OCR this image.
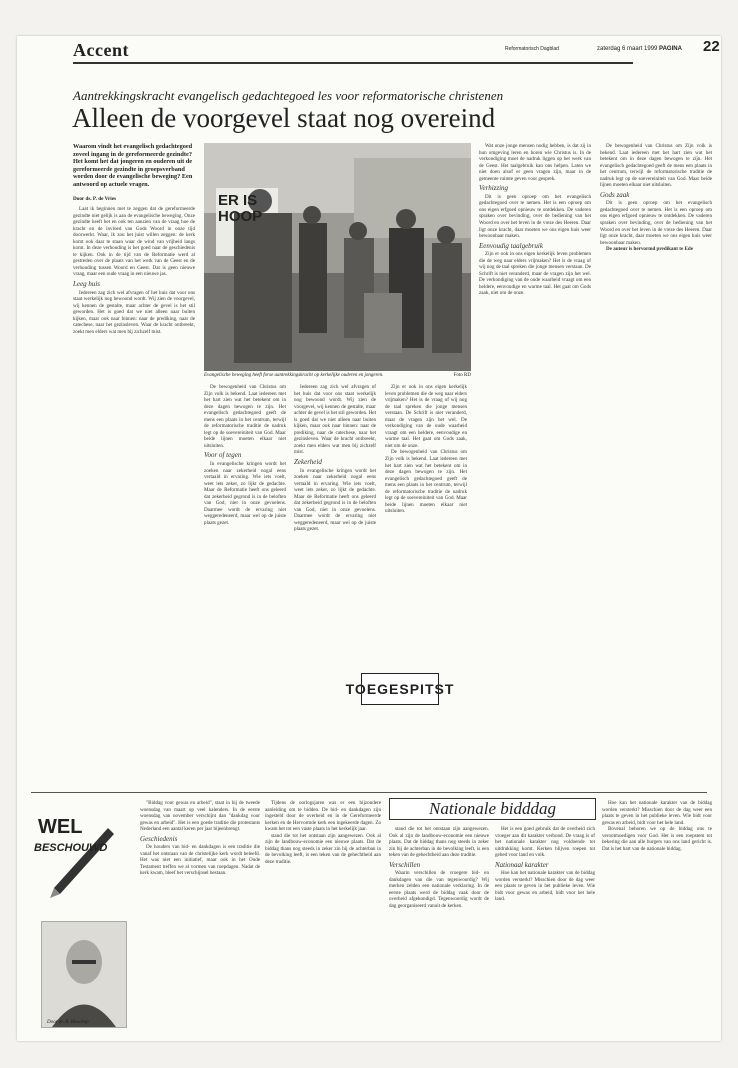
Accent	Reformatorisch Dagblad	zaterdag 6 maart 1999 PAGINA 22
Aantrekkingskracht evangelisch gedachtegoed les voor reformatorische christenen
Alleen de voorgevel staat nog overeind
Waarom vindt het evangelisch gedachtegoed zoveel ingang in de gereformeerde gezindte? Het komt het dat jongeren en ouderen uit de gereformeerde gezindte in groepsverband worden door de evangelische beweging? Een antwoord op actuele vragen.
Door ds. P. de Vries

Laat ik beginnen met te zeggen dat de gereformeerde gezindte niet gelijk is aan de evangelische beweging. Onze gezindte heeft het en ook ten aanzien van de vraag hoe de kracht en de invloed van Gods Woord in onze tijd doorwerkt. Waar, ik zou het juist willen zeggen: de kerk komt ook daar te staan waar de wind van vrijheid langs komt. In deze verhouding is het goed naar de geschiedenis te kijken. Ook in de tijd van de Reformatie werd al gestreden over de plaats van het werk van de Geest en de verhouding tussen Woord en Geest. Dat is geen nieuwe vraag, maar een oude vraag in een nieuwe jas.

Leeg huis

Iedereen zag zich wel afvragen of het huis dat voor ons staat werkelijk nog bewoond wordt. Wij zien de voorgevel, wij kennen de gestalte, maar achter de gevel is het stil geworden. Het is goed dat we niet alleen naar buiten kijken, maar ook naar binnen: naar de prediking, naar de catechese, naar het gezinsleven. Waar de kracht ontbreekt, zoekt men elders wat men bij zichzelf mist.

ER IS HOOP
Evangelische beweging heeft forse aantrekkingskracht op kerkelijke ouderen en jongeren.	Foto RD

De bewogenheid van Christus om Zijn volk is bekend. Laat iedereen met het hart zien wat het betekent om in deze dagen bewogen te zijn. Het evangelisch gedachtegoed geeft de mens een plaats in het centrum, terwijl de reformatorische traditie de nadruk legt op de soevereiniteit van God. Maar beide lijnen moeten elkaar niet uitsluiten.

Voor of tegen

In evangelische kringen wordt het zoeken naar zekerheid nogal eens vertaald in ervaring. Wie iets voelt, weet iets zeker, zo lijkt de gedachte. Maar de Reformatie heeft ons geleerd dat zekerheid gegrond is in de beloften van God, niet in onze gevoelens. Daarmee wordt de ervaring niet weggeredeneerd, maar wel op de juiste plaats gezet.

Iedereen zag zich wel afvragen of het huis dat voor ons staat werkelijk nog bewoond wordt. Wij zien de voorgevel, wij kennen de gestalte, maar achter de gevel is het stil geworden. Het is goed dat we niet alleen naar buiten kijken, maar ook naar binnen: naar de prediking, naar de catechese, naar het gezinsleven. Waar de kracht ontbreekt, zoekt men elders wat men bij zichzelf mist.

Zekerheid

In evangelische kringen wordt het zoeken naar zekerheid nogal eens vertaald in ervaring. Wie iets voelt, weet iets zeker, zo lijkt de gedachte. Maar de Reformatie heeft ons geleerd dat zekerheid gegrond is in de beloften van God, niet in onze gevoelens. Daarmee wordt de ervaring niet weggeredeneerd, maar wel op de juiste plaats gezet.

Zijn er ook in ons eigen kerkelijk leven problemen die de weg naar elders vrijmaken? Het is de vraag of wij nog de taal spreken die jonge mensen verstaan. De Schrift is niet veranderd, maar de vragen zijn het wel. De verkondiging van de oude waarheid vraagt om een heldere, eenvoudige en warme taal. Het gaat om Gods zaak, niet om de onze.

De bewogenheid van Christus om Zijn volk is bekend. Laat iedereen met het hart zien wat het betekent om in deze dagen bewogen te zijn. Het evangelisch gedachtegoed geeft de mens een plaats in het centrum, terwijl de reformatorische traditie de nadruk legt op de soevereiniteit van God. Maar beide lijnen moeten elkaar niet uitsluiten.

TOEGESPITST

Wat onze jonge mensen nodig hebben, is dat zij in hun omgeving leren en horen wie Christus is. In de verkondiging moet de nadruk liggen op het werk van de Geest. Het taalgebruik kan ons helpen. Laten we niet doen alsof er geen vragen zijn, maar in de gemeente ruimte geven voor gesprek.

Verhizzing

Dit is geen oproep om het evangelisch gedachtegoed over te nemen. Het is een oproep om ons eigen erfgoed opnieuw te ontdekken. De vaderen spraken over bevinding, over de bediening van het Woord en over het leven in de vreze des Heeren. Daar ligt onze kracht, daar moeten we ons eigen huis weer bewoonbaar maken.

Eenvoudig taalgebruik

Zijn er ook in ons eigen kerkelijk leven problemen die de weg naar elders vrijmaken? Het is de vraag of wij nog de taal spreken die jonge mensen verstaan. De Schrift is niet veranderd, maar de vragen zijn het wel. De verkondiging van de oude waarheid vraagt om een heldere, eenvoudige en warme taal. Het gaat om Gods zaak, niet om de onze.

De bewogenheid van Christus om Zijn volk is bekend. Laat iedereen met het hart zien wat het betekent om in deze dagen bewogen te zijn. Het evangelisch gedachtegoed geeft de mens een plaats in het centrum, terwijl de reformatorische traditie de nadruk legt op de soevereiniteit van God. Maar beide lijnen moeten elkaar niet uitsluiten.

Gods zaak

Dit is geen oproep om het evangelisch gedachtegoed over te nemen. Het is een oproep om ons eigen erfgoed opnieuw te ontdekken. De vaderen spraken over bevinding, over de bediening van het Woord en over het leven in de vreze des Heeren. Daar ligt onze kracht, daar moeten we ons eigen huis weer bewoonbaar maken.

De auteur is hervormd predikant te Ede

WEL
BESCHOUWD
Door dr. R. Bisschop
Nationale bidddag

"Biddag voor gewas en arbeid", staat in bij de tweede woensdag van maart op veel kalenders. In de eerste woensdag van november verschijnt dan "dankdag voor gewas en arbeid". Het is een goede traditie die protestants Nederland een aantal keren per jaar bijeenbrengt.

Geschiedenis

De houders van bid- en dankdagen is een traditie die vanaf het ontstaan van de christelijke kerk wordt beleefd. Het was niet een initiatief, maar ook in het Oude Testament treffen we al vormen van roepdagen. Nadat de kerk kwam, bleef het verschijnsel bestaan.

Tijdens de oorlogsjaren was er een bijzondere aanleiding om te bidden. De bid- en dankdagen zijn ingesteld door de overheid en in de Gereformeerde kerken en de Hervormde kerk een ingekeerde dagen. Zo kwam het tot een vaste plaats in het kerkelijk jaar.

stand die tot het ontstaan zijn aangewezen. Ook al zijn de landbouw-economie een nieuwe plaats. Dat de biddag thans nog steeds in zeker zin bij de achterban in de bevolking leeft, is een teken van de gehechtheid aan deze traditie.

stand die tot het ontstaan zijn aangewezen. Ook al zijn de landbouw-economie een nieuwe plaats. Dat de biddag thans nog steeds in zeker zin bij de achterban in de bevolking leeft, is een teken van de gehechtheid aan deze traditie.

Verschillen

Waarin verschillen de vroegere bid- en dankdagen van die van tegenwoordig? Wij merken zelden een nationale verklaring. In de eerste plaats werd de biddag vaak door de overheid afgekondigd. Tegenwoordig wordt de dag georganiseerd vanuit de kerken.

Het is een goed gebruik dat de overheid zich vroeger aan dit karakter verbond. De vraag is of het nationale karakter nog voldoende tot uitdrukking komt. Kerken blijven roepen tot gebed voor land en volk.

Nationaal karakter

Hoe kan het nationale karakter van de biddag worden versterkt? Misschien door de dag weer een plaats te geven in het publieke leven. Wie bidt voor gewas en arbeid, bidt voor het hele land.

Hoe kan het nationale karakter van de biddag worden versterkt? Misschien door de dag weer een plaats te geven in het publieke leven. Wie bidt voor gewas en arbeid, bidt voor het hele land.

Bovenal behoren we op de biddag ons te verootmoedigen voor God. Het is een roepstem tot bekering die aan alle burgers van ons land gericht is. Dat is het hart van de nationale biddag.
